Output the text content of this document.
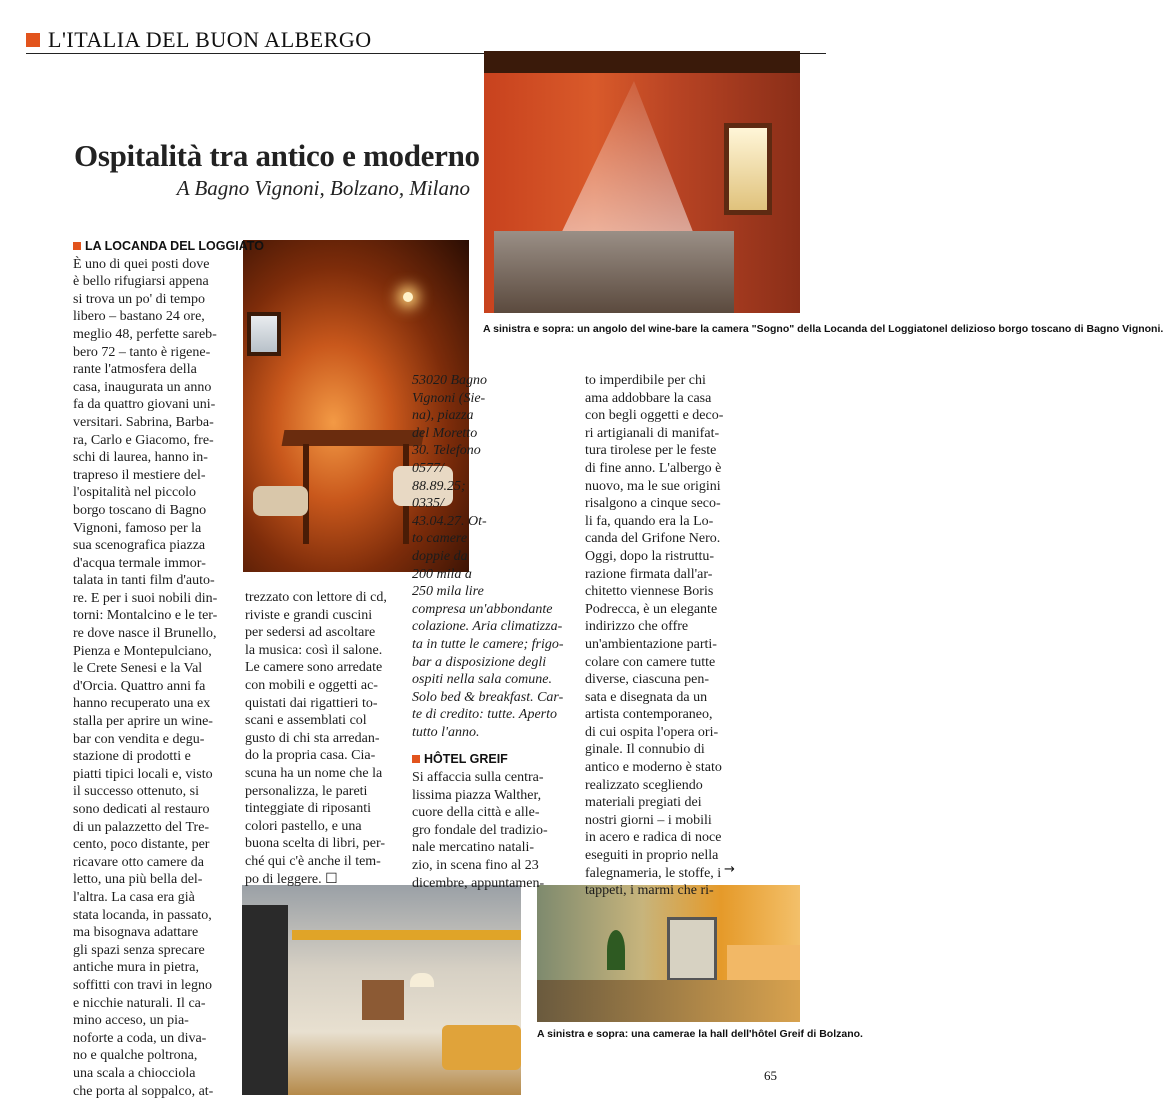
L'ITALIA DEL BUON ALBERGO
Ospitalità tra antico e moderno
A Bagno Vignoni, Bolzano, Milano
LA LOCANDA DEL LOGGIATO
È uno di quei posti dove
è bello rifugiarsi appena
si trova un po' di tempo
libero – bastano 24 ore,
meglio 48, perfette sareb-
bero 72 – tanto è rigene-
rante l'atmosfera della
casa, inaugurata un anno
fa da quattro giovani uni-
versitari. Sabrina, Barba-
ra, Carlo e Giacomo, fre-
schi di laurea, hanno in-
trapreso il mestiere del-
l'ospitalità nel piccolo
borgo toscano di Bagno
Vignoni, famoso per la
sua scenografica piazza
d'acqua termale immor-
talata in tanti film d'auto-
re. E per i suoi nobili din-
torni: Montalcino e le ter-
re dove nasce il Brunello,
Pienza e Montepulciano,
le Crete Senesi e la Val
d'Orcia. Quattro anni fa
hanno recuperato una ex
stalla per aprire un wine-
bar con vendita e degu-
stazione di prodotti e
piatti tipici locali e, visto
il successo ottenuto, si
sono dedicati al restauro
di un palazzetto del Tre-
cento, poco distante, per
ricavare otto camere da
letto, una più bella del-
l'altra. La casa era già
stata locanda, in passato,
ma bisognava adattare
gli spazi senza sprecare
antiche mura in pietra,
soffitti con travi in legno
e nicchie naturali. Il ca-
mino acceso, un pia-
noforte a coda, un diva-
no e qualche poltrona,
una scala a chiocciola
che porta al soppalco, at-
trezzato con lettore di cd,
riviste e grandi cuscini
per sedersi ad ascoltare
la musica: così il salone.
Le camere sono arredate
con mobili e oggetti ac-
quistati dai rigattieri to-
scani e assemblati col
gusto di chi sta arredan-
do la propria casa. Cia-
scuna ha un nome che la
personalizza, le pareti
tinteggiate di riposanti
colori pastello, e una
buona scelta di libri, per-
ché qui c'è anche il tem-
po di leggere. ☐
53020 Bagno
Vignoni (Sie-
na), piazza
del Moretto
30. Telefono
0577/
88.89.25;
0335/
43.04.27. Ot-
to camere
doppie da
200 mila a
250 mila lire
compresa un'abbondante
colazione. Aria climatizza-
ta in tutte le camere; frigo-
bar a disposizione degli
ospiti nella sala comune.
Solo bed & breakfast. Car-
te di credito: tutte. Aperto
tutto l'anno.
HÔTEL GREIF
Si affaccia sulla centra-
lissima piazza Walther,
cuore della città e alle-
gro fondale del tradizio-
nale mercatino natali-
zio, in scena fino al 23
dicembre, appuntamen-
to imperdibile per chi
ama addobbare la casa
con begli oggetti e deco-
ri artigianali di manifat-
tura tirolese per le feste
di fine anno. L'albergo è
nuovo, ma le sue origini
risalgono a cinque seco-
li fa, quando era la Lo-
canda del Grifone Nero.
Oggi, dopo la ristruttu-
razione firmata dall'ar-
chitetto viennese Boris
Podrecca, è un elegante
indirizzo che offre
un'ambientazione parti-
colare con camere tutte
diverse, ciascuna pen-
sata e disegnata da un
artista contemporaneo,
di cui ospita l'opera ori-
ginale. Il connubio di
antico e moderno è stato
realizzato scegliendo
materiali pregiati dei
nostri giorni – i mobili
in acero e radica di noce
eseguiti in proprio nella
falegnameria, le stoffe, i
tappeti, i marmi che ri-
→
A sinistra e sopra: un angolo del wine-bare la camera "Sogno" della Locanda del Loggiatonel delizioso borgo toscano di Bagno Vignoni.
A sinistra e sopra: una camerae la hall dell'hôtel Greif di Bolzano.
65
